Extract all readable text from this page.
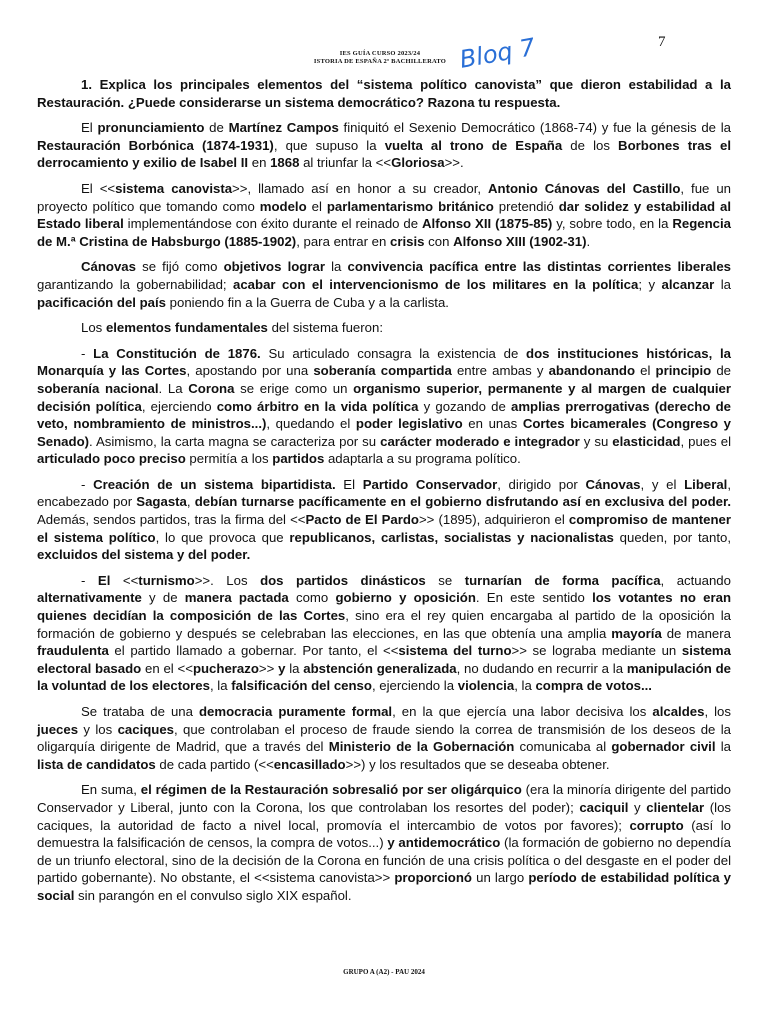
7
Bloq 7
IES GUÍA CURSO 2023/24
ISTORIA DE ESPAÑA 2º BACHILLERATO

1. Explica los principales elementos del “sistema político canovista” que dieron estabilidad a la Restauración. ¿Puede considerarse un sistema democrático? Razona tu respuesta.

El pronunciamiento de Martínez Campos finiquitó el Sexenio Democrático (1868-74) y fue la génesis de la Restauración Borbónica (1874-1931), que supuso la vuelta al trono de España de los Borbones tras el derrocamiento y exilio de Isabel II en 1868 al triunfar la <<Gloriosa>>.

El <<sistema canovista>>, llamado así en honor a su creador, Antonio Cánovas del Castillo, fue un proyecto político que tomando como modelo el parlamentarismo británico pretendió dar solidez y estabilidad al Estado liberal implementándose con éxito durante el reinado de Alfonso XII (1875-85) y, sobre todo, en la Regencia de M.ª Cristina de Habsburgo (1885-1902), para entrar en crisis con Alfonso XIII (1902-31).

Cánovas se fijó como objetivos lograr la convivencia pacífica entre las distintas corrientes liberales garantizando la gobernabilidad; acabar con el intervencionismo de los militares en la política; y alcanzar la pacificación del país poniendo fin a la Guerra de Cuba y a la carlista.

Los elementos fundamentales del sistema fueron:

- La Constitución de 1876. Su articulado consagra la existencia de dos instituciones históricas, la Monarquía y las Cortes, apostando por una soberanía compartida entre ambas y abandonando el principio de soberanía nacional. La Corona se erige como un organismo superior, permanente y al margen de cualquier decisión política, ejerciendo como árbitro en la vida política y gozando de amplias prerrogativas (derecho de veto, nombramiento de ministros...), quedando el poder legislativo en unas Cortes bicamerales (Congreso y Senado). Asimismo, la carta magna se caracteriza por su carácter moderado e integrador y su elasticidad, pues el articulado poco preciso permitía a los partidos adaptarla a su programa político.

- Creación de un sistema bipartidista. El Partido Conservador, dirigido por Cánovas, y el Liberal, encabezado por Sagasta, debían turnarse pacíficamente en el gobierno disfrutando así en exclusiva del poder. Además, sendos partidos, tras la firma del <<Pacto de El Pardo>> (1895), adquirieron el compromiso de mantener el sistema político, lo que provoca que republicanos, carlistas, socialistas y nacionalistas queden, por tanto, excluidos del sistema y del poder.

- El <<turnismo>>. Los dos partidos dinásticos se turnarían de forma pacífica, actuando alternativamente y de manera pactada como gobierno y oposición. En este sentido los votantes no eran quienes decidían la composición de las Cortes, sino era el rey quien encargaba al partido de la oposición la formación de gobierno y después se celebraban las elecciones, en las que obtenía una amplia mayoría de manera fraudulenta el partido llamado a gobernar. Por tanto, el <<sistema del turno>> se lograba mediante un sistema electoral basado en el <<pucherazo>> y la abstención generalizada, no dudando en recurrir a la manipulación de la voluntad de los electores, la falsificación del censo, ejerciendo la violencia, la compra de votos...

Se trataba de una democracia puramente formal, en la que ejercía una labor decisiva los alcaldes, los jueces y los caciques, que controlaban el proceso de fraude siendo la correa de transmisión de los deseos de la oligarquía dirigente de Madrid, que a través del Ministerio de la Gobernación comunicaba al gobernador civil la lista de candidatos de cada partido (<<encasillado>>) y los resultados que se deseaba obtener.

En suma, el régimen de la Restauración sobresalió por ser oligárquico (era la minoría dirigente del partido Conservador y Liberal, junto con la Corona, los que controlaban los resortes del poder); caciquil y clientelar (los caciques, la autoridad de facto a nivel local, promovía el intercambio de votos por favores); corrupto (así lo demuestra la falsificación de censos, la compra de votos...) y antidemocrático (la formación de gobierno no dependía de un triunfo electoral, sino de la decisión de la Corona en función de una crisis política o del desgaste en el poder del partido gobernante). No obstante, el <<sistema canovista>> proporcionó un largo período de estabilidad política y social sin parangón en el convulso siglo XIX español.

GRUPO A (A2) - PAU 2024
